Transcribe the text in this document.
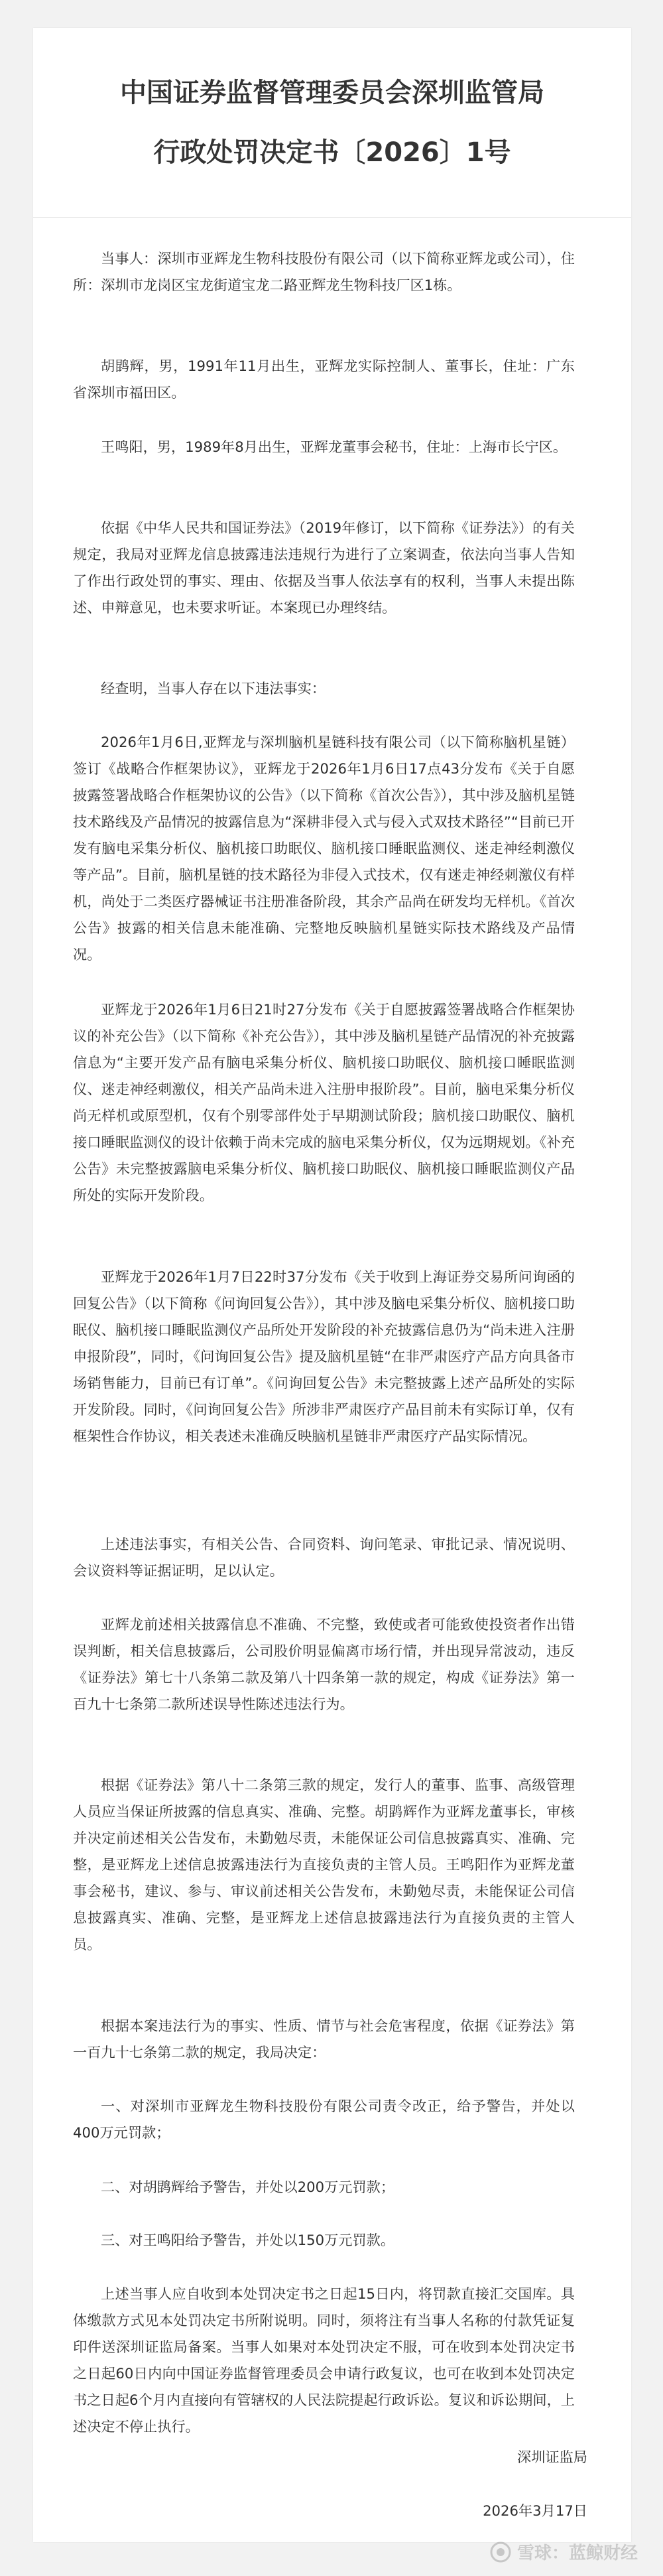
中国证券监督管理委员会深圳监管局
行政处罚决定书〔2026〕1号

当事人：深圳市亚辉龙生物科技股份有限公司（以下简称亚辉龙或公司），住所：深圳市龙岗区宝龙街道宝龙二路亚辉龙生物科技厂区1栋。

胡鹍辉，男，1991年11月出生，亚辉龙实际控制人、董事长，住址：广东省深圳市福田区。

王鸣阳，男，1989年8月出生，亚辉龙董事会秘书，住址：上海市长宁区。

依据《中华人民共和国证券法》（2019年修订，以下简称《证券法》）的有关规定，我局对亚辉龙信息披露违法违规行为进行了立案调查，依法向当事人告知了作出行政处罚的事实、理由、依据及当事人依法享有的权利，当事人未提出陈述、申辩意见，也未要求听证。本案现已办理终结。

经查明，当事人存在以下违法事实：

2026年1月6日,亚辉龙与深圳脑机星链科技有限公司（以下简称脑机星链）签订《战略合作框架协议》，亚辉龙于2026年1月6日17点43分发布《关于自愿披露签署战略合作框架协议的公告》（以下简称《首次公告》），其中涉及脑机星链技术路线及产品情况的披露信息为“深耕非侵入式与侵入式双技术路径”“目前已开发有脑电采集分析仪、脑机接口助眠仪、脑机接口睡眠监测仪、迷走神经刺激仪等产品”。目前，脑机星链的技术路径为非侵入式技术，仅有迷走神经刺激仪有样机，尚处于二类医疗器械证书注册准备阶段，其余产品尚在研发均无样机。《首次公告》披露的相关信息未能准确、完整地反映脑机星链实际技术路线及产品情况。

亚辉龙于2026年1月6日21时27分发布《关于自愿披露签署战略合作框架协议的补充公告》（以下简称《补充公告》），其中涉及脑机星链产品情况的补充披露信息为“主要开发产品有脑电采集分析仪、脑机接口助眠仪、脑机接口睡眠监测仪、迷走神经刺激仪，相关产品尚未进入注册申报阶段”。目前，脑电采集分析仪尚无样机或原型机，仅有个别零部件处于早期测试阶段；脑机接口助眠仪、脑机接口睡眠监测仪的设计依赖于尚未完成的脑电采集分析仪，仅为远期规划。《补充公告》未完整披露脑电采集分析仪、脑机接口助眠仪、脑机接口睡眠监测仪产品所处的实际开发阶段。

亚辉龙于2026年1月7日22时37分发布《关于收到上海证券交易所问询函的回复公告》（以下简称《问询回复公告》），其中涉及脑电采集分析仪、脑机接口助眠仪、脑机接口睡眠监测仪产品所处开发阶段的补充披露信息仍为“尚未进入注册申报阶段”，同时，《问询回复公告》提及脑机星链“在非严肃医疗产品方向具备市场销售能力，目前已有订单”。《问询回复公告》未完整披露上述产品所处的实际开发阶段。同时，《问询回复公告》所涉非严肃医疗产品目前未有实际订单，仅有框架性合作协议，相关表述未准确反映脑机星链非严肃医疗产品实际情况。

上述违法事实，有相关公告、合同资料、询问笔录、审批记录、情况说明、会议资料等证据证明，足以认定。

亚辉龙前述相关披露信息不准确、不完整，致使或者可能致使投资者作出错误判断，相关信息披露后，公司股价明显偏离市场行情，并出现异常波动，违反《证券法》第七十八条第二款及第八十四条第一款的规定，构成《证券法》第一百九十七条第二款所述误导性陈述违法行为。

根据《证券法》第八十二条第三款的规定，发行人的董事、监事、高级管理人员应当保证所披露的信息真实、准确、完整。胡鹍辉作为亚辉龙董事长，审核并决定前述相关公告发布，未勤勉尽责，未能保证公司信息披露真实、准确、完整，是亚辉龙上述信息披露违法行为直接负责的主管人员。王鸣阳作为亚辉龙董事会秘书，建议、参与、审议前述相关公告发布，未勤勉尽责，未能保证公司信息披露真实、准确、完整，是亚辉龙上述信息披露违法行为直接负责的主管人员。

根据本案违法行为的事实、性质、情节与社会危害程度，依据《证券法》第一百九十七条第二款的规定，我局决定：

一、对深圳市亚辉龙生物科技股份有限公司责令改正，给予警告，并处以400万元罚款；

二、对胡鹍辉给予警告，并处以200万元罚款；

三、对王鸣阳给予警告，并处以150万元罚款。

上述当事人应自收到本处罚决定书之日起15日内，将罚款直接汇交国库。具体缴款方式见本处罚决定书所附说明。同时，须将注有当事人名称的付款凭证复印件送深圳证监局备案。当事人如果对本处罚决定不服，可在收到本处罚决定书之日起60日内向中国证券监督管理委员会申请行政复议，也可在收到本处罚决定书之日起6个月内直接向有管辖权的人民法院提起行政诉讼。复议和诉讼期间，上述决定不停止执行。

深圳证监局

2026年3月17日

雪球：蓝鲸财经
